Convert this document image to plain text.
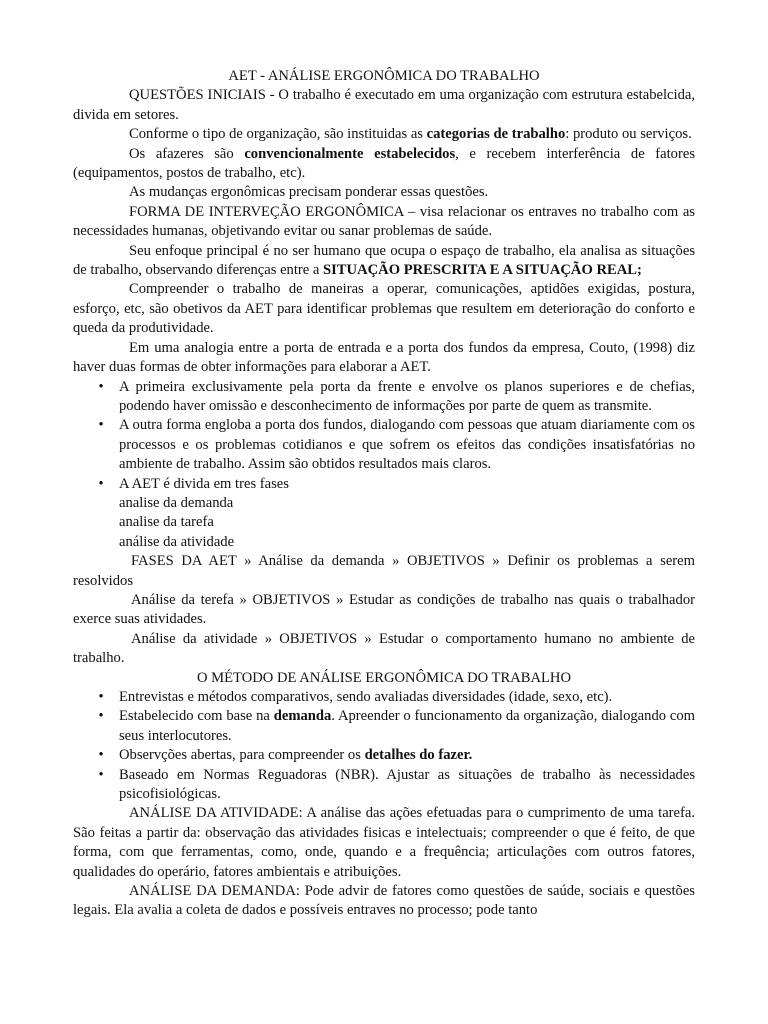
AET - ANÁLISE ERGONÔMICA DO TRABALHO

QUESTÕES INICIAIS - O trabalho é executado em uma organização com estrutura estabelcida, divida em setores.

Conforme o tipo de organização, são instituidas as categorias de trabalho: produto ou serviços.

Os afazeres são convencionalmente estabelecidos, e recebem interferência de fatores (equipamentos, postos de trabalho, etc).

As mudanças ergonômicas precisam ponderar essas questões.

FORMA DE INTERVEÇÃO ERGONÔMICA – visa relacionar os entraves no trabalho com as necessidades humanas, objetivando evitar ou sanar problemas de saúde.

Seu enfoque principal é no ser humano que ocupa o espaço de trabalho, ela analisa as situações de trabalho, observando diferenças entre a SITUAÇÃO PRESCRITA E A SITUAÇÃO REAL;

Compreender o trabalho de maneiras a operar, comunicações, aptidões exigidas, postura, esforço, etc, são obetivos da AET para identificar problemas que resultem em deterioração do conforto e queda da produtividade.

Em uma analogia entre a porta de entrada e a porta dos fundos da empresa, Couto, (1998) diz haver duas formas de obter informações para elaborar a AET.

• A primeira exclusivamente pela porta da frente e envolve os planos superiores e de chefias, podendo haver omissão e desconhecimento de informações por parte de quem as transmite.
• A outra forma engloba a porta dos fundos, dialogando com pessoas que atuam diariamente com os processos e os problemas cotidianos e que sofrem os efeitos das condições insatisfatórias no ambiente de trabalho. Assim são obtidos resultados mais claros.
• A AET é divida em tres fases
analise da demanda
analise da tarefa
análise da atividade

FASES DA AET » Análise da demanda » OBJETIVOS » Definir os problemas a serem resolvidos

Análise da terefa » OBJETIVOS » Estudar as condições de trabalho nas quais o trabalhador exerce suas atividades.

Análise da atividade » OBJETIVOS » Estudar o comportamento humano no ambiente de trabalho.

O MÉTODO DE ANÁLISE ERGONÔMICA DO TRABALHO
• Entrevistas e métodos comparativos, sendo avaliadas diversidades (idade, sexo, etc).
• Estabelecido com base na demanda. Apreender o funcionamento da organização, dialogando com seus interlocutores.
• Observções abertas, para compreender os detalhes do fazer.
• Baseado em Normas Reguadoras (NBR). Ajustar as situações de trabalho às necessidades psicofisiológicas.

ANÁLISE DA ATIVIDADE: A análise das ações efetuadas para o cumprimento de uma tarefa. São feitas a partir da: observação das atividades fisicas e intelectuais; compreender o que é feito, de que forma, com que ferramentas, como, onde, quando e a frequência; articulações com outros fatores, qualidades do operário, fatores ambientais e atribuições.

ANÁLISE DA DEMANDA: Pode advir de fatores como questões de saúde, sociais e questões legais. Ela avalia a coleta de dados e possíveis entraves no processo; pode tanto
